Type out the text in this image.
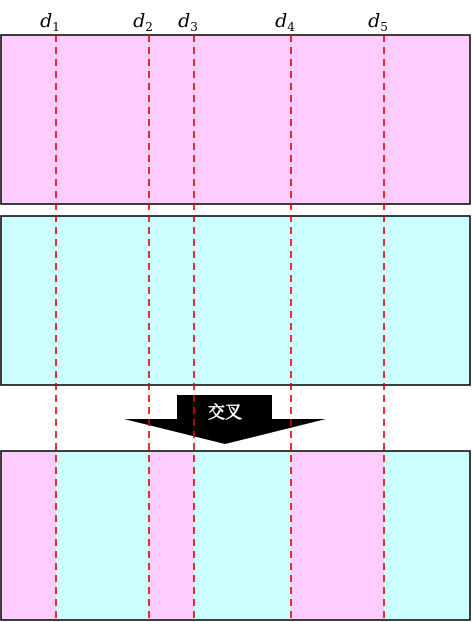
交叉
$d_1$	$d_2$ $d_3$	$d_4$	$d_5$
